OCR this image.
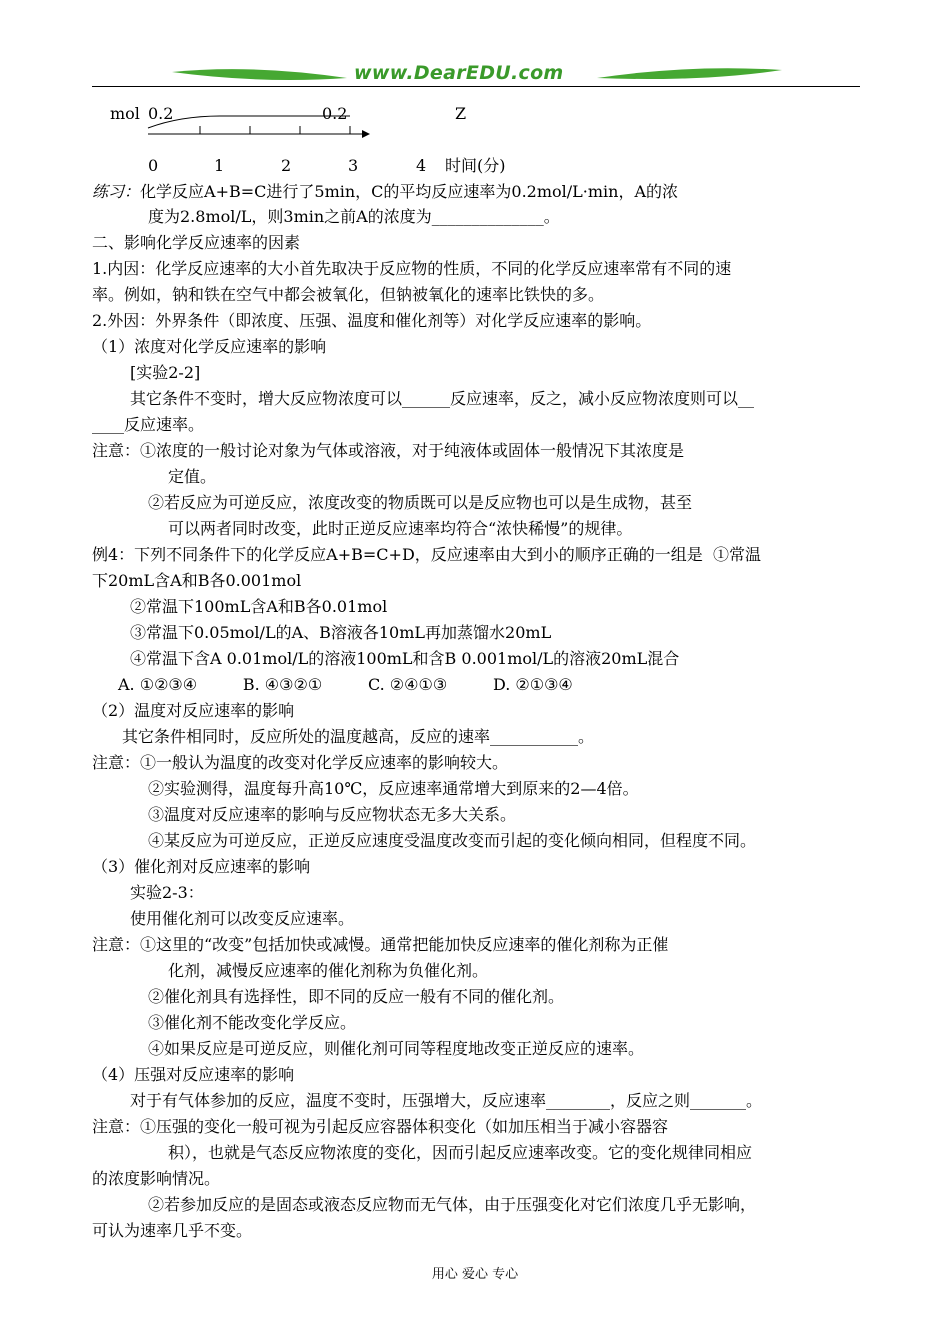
www.DearEDU.com
mol 0.2	0.2	Z
0	1	2	3	4 时间(分)
练习：化学反应A+B=C进行了5min，C的平均反应速率为0.2mol/L·min，A的浓
度为2.8mol/L，则3min之前A的浓度为______________。
二、影响化学反应速率的因素
1.内因：化学反应速率的大小首先取决于反应物的性质，不同的化学反应速率常有不同的速
率。例如，钠和铁在空气中都会被氧化，但钠被氧化的速率比铁快的多。
2.外因：外界条件（即浓度、压强、温度和催化剂等）对化学反应速率的影响。
（1）浓度对化学反应速率的影响
[实验2-2]
其它条件不变时，增大反应物浓度可以______反应速率，反之，减小反应物浓度则可以__
____反应速率。
注意：①浓度的一般讨论对象为气体或溶液，对于纯液体或固体一般情况下其浓度是
定值。
②若反应为可逆反应，浓度改变的物质既可以是反应物也可以是生成物，甚至
可以两者同时改变，此时正逆反应速率均符合“浓快稀慢”的规律。
例4：下列不同条件下的化学反应A+B=C+D，反应速率由大到小的顺序正确的一组是  ①常温
下20mL含A和B各0.001mol
②常温下100mL含A和B各0.01mol
③常温下0.05mol/L的A、B溶液各10mL再加蒸馏水20mL
④常温下含A 0.01mol/L的溶液100mL和含B 0.001mol/L的溶液20mL混合
A. ①②③④         B. ④③②①         C. ②④①③         D. ②①③④
（2）温度对反应速率的影响
其它条件相同时，反应所处的温度越高，反应的速率___________。
注意：①一般认为温度的改变对化学反应速率的影响较大。
②实验测得，温度每升高10℃，反应速率通常增大到原来的2—4倍。
③温度对反应速率的影响与反应物状态无多大关系。
④某反应为可逆反应，正逆反应速度受温度改变而引起的变化倾向相同，但程度不同。
（3）催化剂对反应速率的影响
实验2-3：
使用催化剂可以改变反应速率。
注意：①这里的“改变”包括加快或减慢。通常把能加快反应速率的催化剂称为正催
化剂，减慢反应速率的催化剂称为负催化剂。
②催化剂具有选择性，即不同的反应一般有不同的催化剂。
③催化剂不能改变化学反应。
④如果反应是可逆反应，则催化剂可同等程度地改变正逆反应的速率。
（4）压强对反应速率的影响
对于有气体参加的反应，温度不变时，压强增大，反应速率________，反应之则_______。
注意：①压强的变化一般可视为引起反应容器体积变化（如加压相当于减小容器容
积），也就是气态反应物浓度的变化，因而引起反应速率改变。它的变化规律同相应
的浓度影响情况。
②若参加反应的是固态或液态反应物而无气体，由于压强变化对它们浓度几乎无影响，
可认为速率几乎不变。
用心 爱心 专心
